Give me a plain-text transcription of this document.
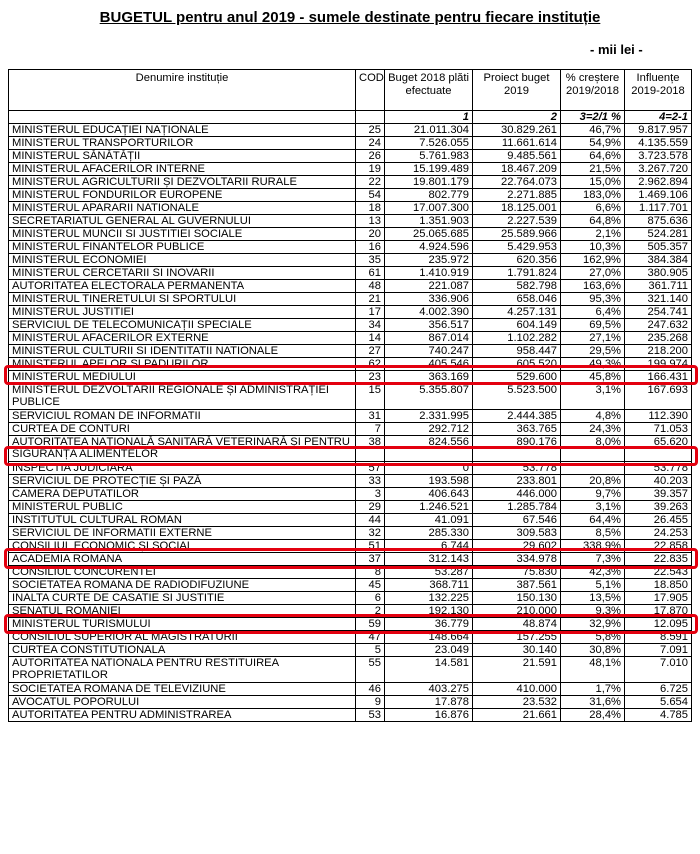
BUGETUL pentru anul 2019 - sumele destinate pentru fiecare instituție
- mii lei -
Denumire instituție	COD	Buget 2018 plăti efectuate	Proiect buget 2019	% creștere 2019/2018	Influențe 2019-2018
		1	2	3=2/1 %	4=2-1
MINISTERUL EDUCAȚIEI NAȚIONALE	25	21.011.304	30.829.261	46,7%	9.817.957
MINISTERUL TRANSPORTURILOR	24	7.526.055	11.661.614	54,9%	4.135.559
MINISTERUL SĂNĂTĂȚII	26	5.761.983	9.485.561	64,6%	3.723.578
MINISTERUL AFACERILOR INTERNE	19	15.199.489	18.467.209	21,5%	3.267.720
MINISTERUL AGRICULTURII ȘI DEZVOLTARII RURALE	22	19.801.179	22.764.073	15,0%	2.962.894
MINISTERUL FONDURILOR EUROPENE	54	802.779	2.271.885	183,0%	1.469.106
MINISTERUL APARARII NATIONALE	18	17.007.300	18.125.001	6,6%	1.117.701
SECRETARIATUL GENERAL AL GUVERNULUI	13	1.351.903	2.227.539	64,8%	875.636
MINISTERUL MUNCII SI JUSTITIEI SOCIALE	20	25.065.685	25.589.966	2,1%	524.281
MINISTERUL FINANTELOR PUBLICE	16	4.924.596	5.429.953	10,3%	505.357
MINISTERUL ECONOMIEI	35	235.972	620.356	162,9%	384.384
MINISTERUL CERCETARII SI INOVARII	61	1.410.919	1.791.824	27,0%	380.905
AUTORITATEA ELECTORALA PERMANENTA	48	221.087	582.798	163,6%	361.711
MINISTERUL TINERETULUI SI SPORTULUI	21	336.906	658.046	95,3%	321.140
MINISTERUL JUSTITIEI	17	4.002.390	4.257.131	6,4%	254.741
SERVICIUL DE TELECOMUNICAȚII SPECIALE	34	356.517	604.149	69,5%	247.632
MINISTERUL AFACERILOR EXTERNE	14	867.014	1.102.282	27,1%	235.268
MINISTERUL CULTURII SI IDENTITATII NATIONALE	27	740.247	958.447	29,5%	218.200
MINISTERUL APELOR SI PADURILOR	62	405.546	605.520	49,3%	199.974
MINISTERUL MEDIULUI	23	363.169	529.600	45,8%	166.431
MINISTERUL DEZVOLTĂRII REGIONALE ȘI ADMINISTRAȚIEI PUBLICE	15	5.355.807	5.523.500	3,1%	167.693
SERVICIUL ROMAN DE INFORMATII	31	2.331.995	2.444.385	4,8%	112.390
CURTEA DE CONTURI	7	292.712	363.765	24,3%	71.053
AUTORITATEA NAȚIONALĂ SANITARĂ VETERINARĂ ȘI PENTRU SIGURANȚA ALIMENTELOR	38	824.556	890.176	8,0%	65.620
INSPECTIA JUDICIARA	57	0	53.778		53.778
SERVICIUL DE PROTECȚIE ȘI PAZĂ	33	193.598	233.801	20,8%	40.203
CAMERA DEPUTATILOR	3	406.643	446.000	9,7%	39.357
MINISTERUL PUBLIC	29	1.246.521	1.285.784	3,1%	39.263
INSTITUTUL CULTURAL ROMAN	44	41.091	67.546	64,4%	26.455
SERVICIUL DE INFORMATII EXTERNE	32	285.330	309.583	8,5%	24.253
CONSILIUL ECONOMIC ȘI SOCIAL	51	6.744	29.602	338,9%	22.858
ACADEMIA ROMANA	37	312.143	334.978	7,3%	22.835
CONSILIUL CONCURENTEI	8	53.287	75.830	42,3%	22.543
SOCIETATEA ROMANA DE RADIODIFUZIUNE	45	368.711	387.561	5,1%	18.850
INALTA CURTE DE CASATIE SI JUSTITIE	6	132.225	150.130	13,5%	17.905
SENATUL ROMANIEI	2	192.130	210.000	9,3%	17.870
MINISTERUL TURISMULUI	59	36.779	48.874	32,9%	12.095
CONSILIUL SUPERIOR AL MAGISTRATURII	47	148.664	157.255	5,8%	8.591
CURTEA CONSTITUTIONALA	5	23.049	30.140	30,8%	7.091
AUTORITATEA NATIONALA PENTRU RESTITUIREA PROPRIETATILOR	55	14.581	21.591	48,1%	7.010
SOCIETATEA ROMANA DE TELEVIZIUNE	46	403.275	410.000	1,7%	6.725
AVOCATUL POPORULUI	9	17.878	23.532	31,6%	5.654
AUTORITATEA PENTRU ADMINISTRAREA	53	16.876	21.661	28,4%	4.785
